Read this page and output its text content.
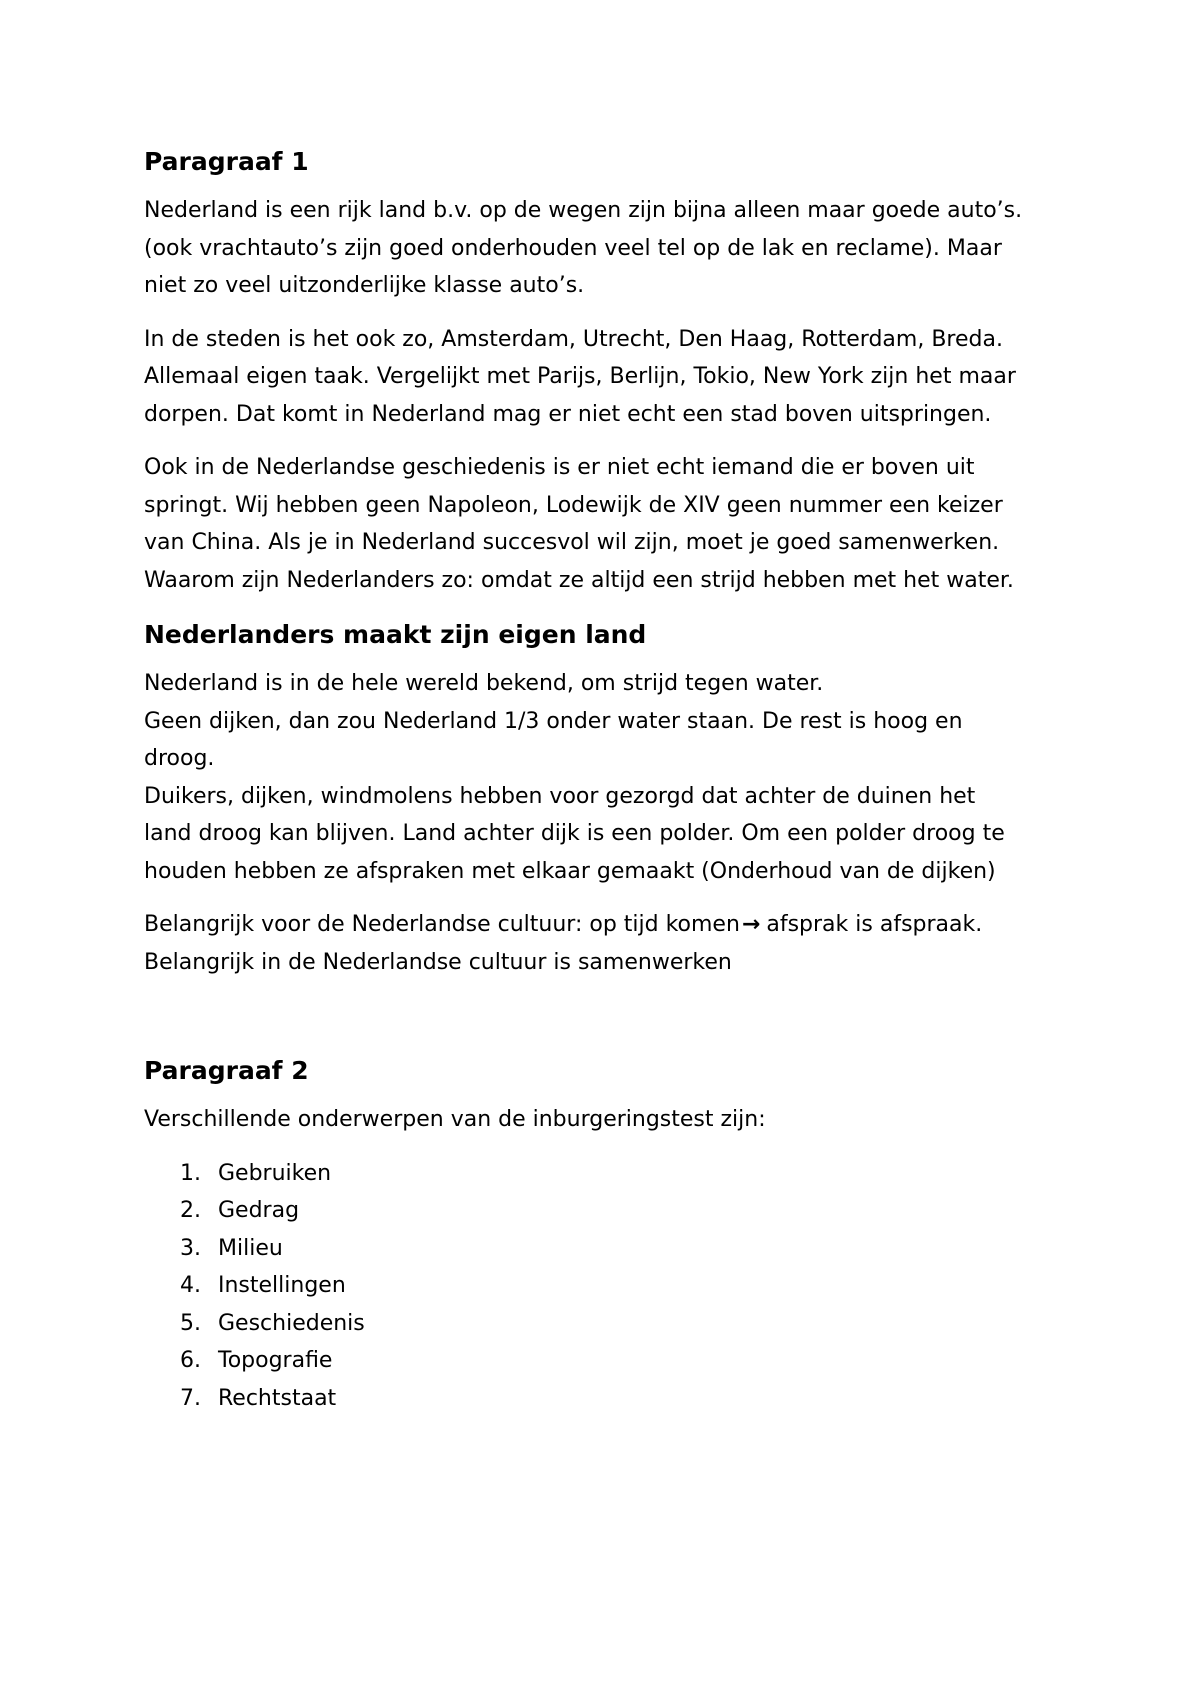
Paragraaf 1
Nederland is een rijk land b.v. op de wegen zijn bijna alleen maar goede auto’s.
(ook vrachtauto’s zijn goed onderhouden veel tel op de lak en reclame). Maar
niet zo veel uitzonderlijke klasse auto’s.
In de steden is het ook zo, Amsterdam, Utrecht, Den Haag, Rotterdam, Breda.
Allemaal eigen taak. Vergelijkt met Parijs, Berlijn, Tokio, New York zijn het maar
dorpen. Dat komt in Nederland mag er niet echt een stad boven uitspringen.
Ook in de Nederlandse geschiedenis is er niet echt iemand die er boven uit
springt. Wij hebben geen Napoleon, Lodewijk de XIV geen nummer een keizer
van China. Als je in Nederland succesvol wil zijn, moet je goed samenwerken.
Waarom zijn Nederlanders zo: omdat ze altijd een strijd hebben met het water.
Nederlanders maakt zijn eigen land
Nederland is in de hele wereld bekend, om strijd tegen water.
Geen dijken, dan zou Nederland 1/3 onder water staan. De rest is hoog en
droog.
Duikers, dijken, windmolens hebben voor gezorgd dat achter de duinen het
land droog kan blijven. Land achter dijk is een polder. Om een polder droog te
houden hebben ze afspraken met elkaar gemaakt (Onderhoud van de dijken)
Belangrijk voor de Nederlandse cultuur: op tijd komen→ afsprak is afspraak.
Belangrijk in de Nederlandse cultuur is samenwerken
Paragraaf 2
Verschillende onderwerpen van de inburgeringstest zijn:
1. Gebruiken
2. Gedrag
3. Milieu
4. Instellingen
5. Geschiedenis
6. Topografie
7. Rechtstaat
